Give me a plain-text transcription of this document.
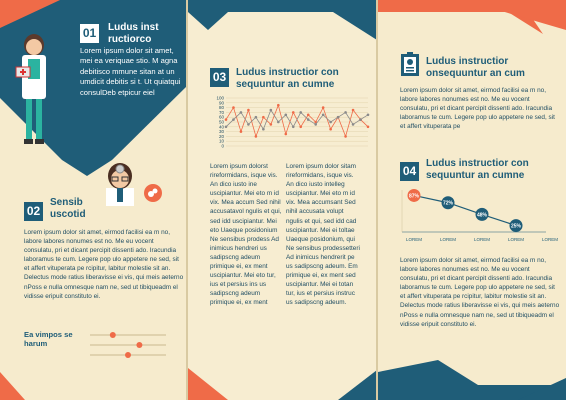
01 Ludus inst ructiorco
Lorem ipsum dolor sit amet, mei ea veriquae stio. M agna debitisco mmune sitan at un umdicit debitis si t. Ut quiatqui consulDeb etpicur eiel
02
Sensib uscotid
Lorem ipsum dolor sit amet, eirmod facilisi ea m no, labore labores nonumes est no. Me eu vocent consulatu, pri et dicant percipit dissenti ado. Iracundia laboramus te cum. Legere pop ulo appetere ne sed, sit et affert vituperata pe rcipitur, labitur molestie sit an. Delectus mode ratius liberavisse ei vis, qui meis aeterno nPoss e nulla omnesque nam ne, sed ut tibiqueadm el vidisse eripuit constituto ei.
Ea vimpos se harum
03 Ludus instructior con sequuntur an cumne
100
90
80
70
60
50
40
30
20
10
0
Lorem ipsum dolorst rireformidans, isque vis. An dico iusto ine uscipiantur. Mei eto m id vix. Mea accum Sed nihil accusatavol ngulis et qui, sed idd uscipiantur. Mei eto Uaeque posidonium Ne sensibus prodess Ad inimicus hendreri us sadipscng adeum primique ei, ex ment uscipiantur. Mei eto tur, ius et persius ins us sadipscng adeum primique ei, ex ment
Lorem ipsum dolor sitam rireformidans, isque vis. An dico iusto intelleg uscipiantur. Mei eto m id vix. Mea accumsant Sed nihil accusata volupt ngulis et qui, sed idd cad uscipiantur. Mei ei toltae Uaeque posidonium, qui Ne sensibus prodessetteri Ad inimicus hendrerit pe us sadipscng adeum. Em primique ei, ex ment sed uscipiantur. Mei ei totan tur, ius et persius instruc us sadipscng adeum.
Ludus instructior onsequuntur an cum
Lorem ipsum dolor sit amet, eirmod facilisi ea m no, labore labores nonumes est no. Me eu vocent consulatu, pri et dicant percipit dissenti ado. Iracundia laboramus te cum. Legere pop ulo appetere ne sed, sit et affert vituperata pe
04
Ludus instructior con sequuntur an cumne
87%
72%
48%
25%
LOREM	LOREM	LOREM	LOREM	LOREM
Lorem ipsum dolor sit amet, eirmod facilisi ea m no, labore labores nonumes est no. Me eu vocent consulatu, pri et dicant percipit dissenti ado. Iracundia laboramus te cum. Legere pop ulo appetere ne sed, sit et affert vituperata pe rcipitur, labitur molestie sit an. Delectus mode ratius liberavisse ei vis, qui meis aeterno nPoss e nulla omnesque nam ne, sed ut tibiqueadm el vidisse eripuit constituto ei.
